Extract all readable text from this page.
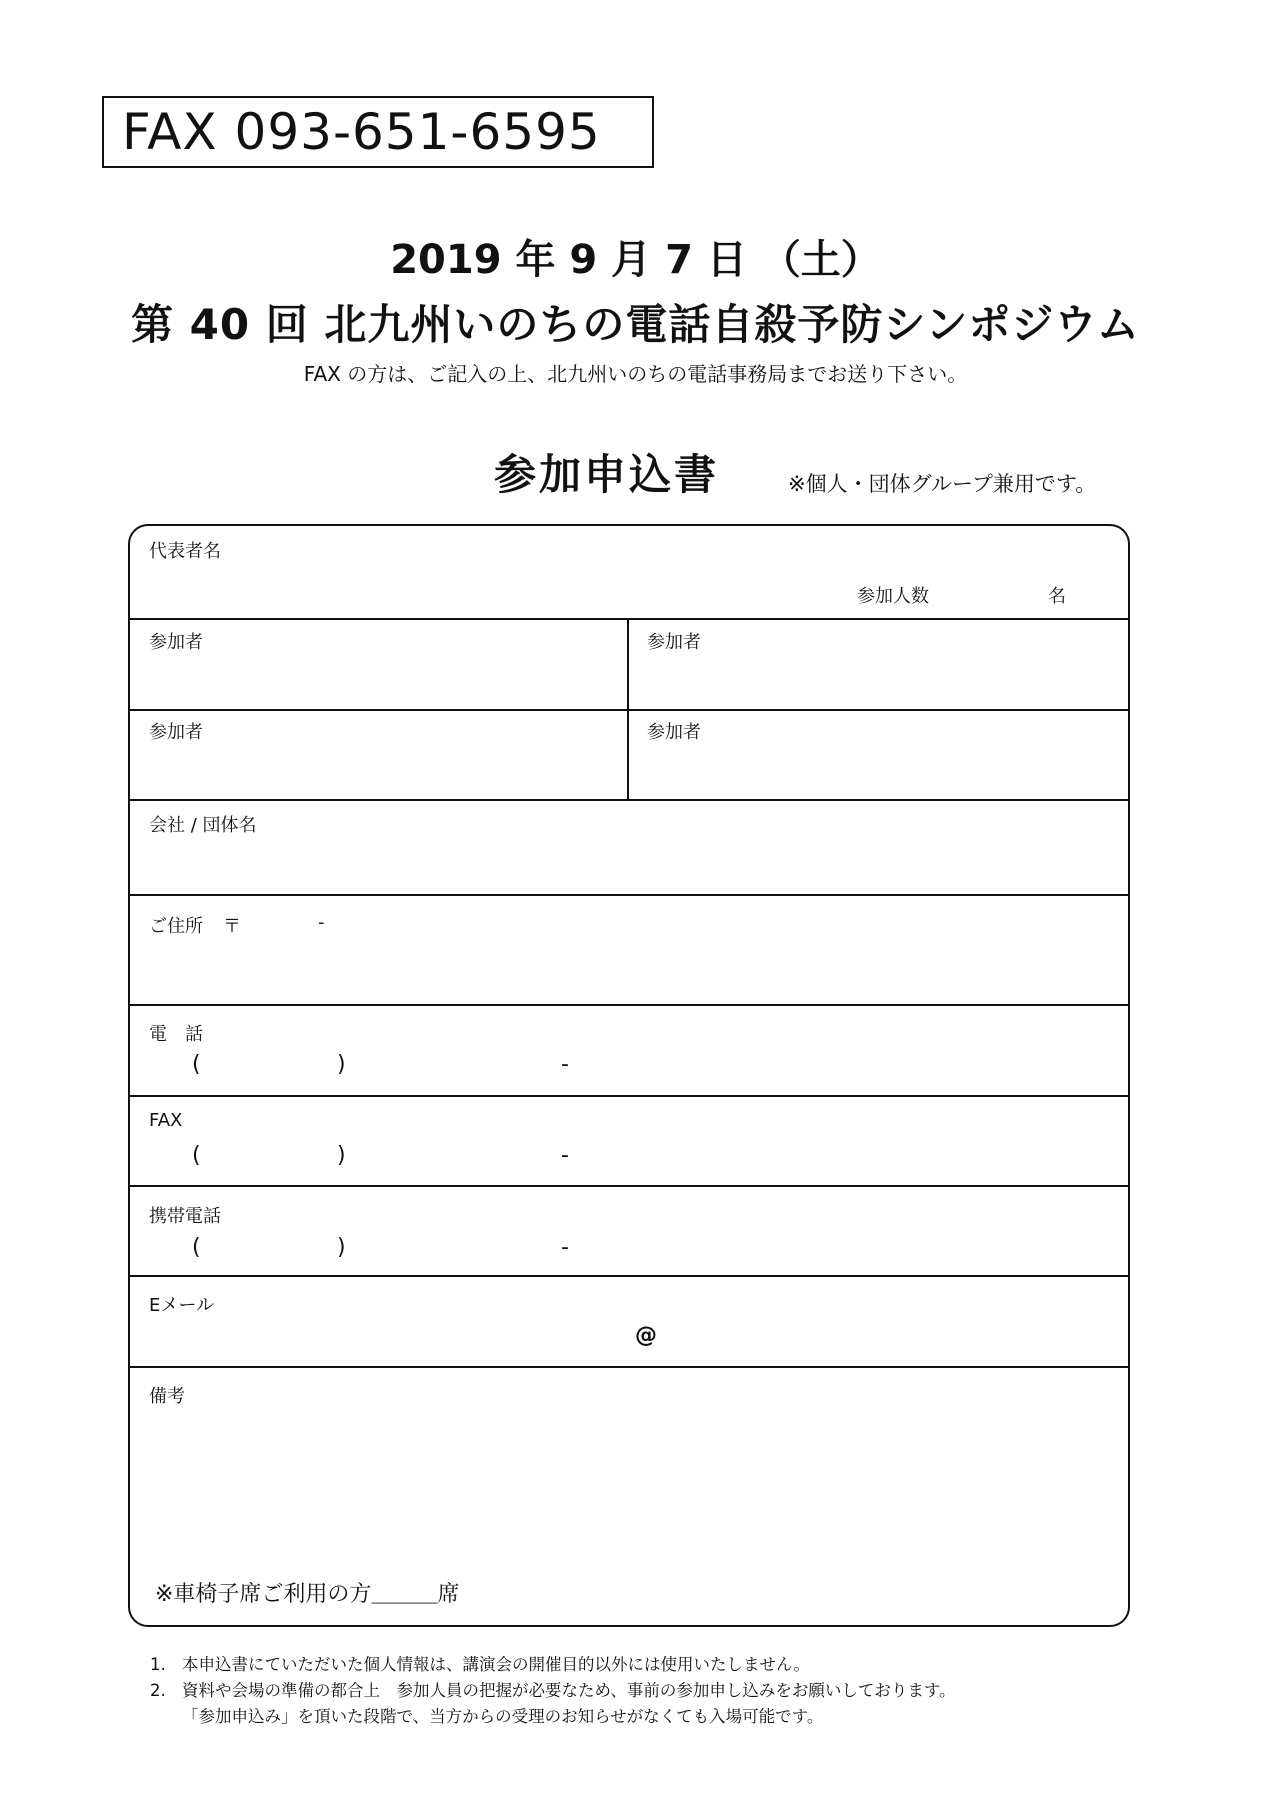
FAX 093-651-6595
2019 年 9 月 7 日 （土）
第 40 回 北九州いのちの電話自殺予防シンポジウム
FAX の方は、ご記入の上、北九州いのちの電話事務局までお送り下さい。
参加申込書	※個人・団体グループ兼用です。
代表者名
参加人数	名
参加者	参加者
参加者	参加者
会社 / 団体名
ご住所 〒	-
電　話
(	)	-
FAX
(	)	-
携帯電話
(	)	-
Eメール
@
備考
※車椅子席ご利用の方＿＿＿席
1. 本申込書にていただいた個人情報は、講演会の開催目的以外には使用いたしません。
2. 資料や会場の準備の都合上　参加人員の把握が必要なため、事前の参加申し込みをお願いしております。
「参加申込み」を頂いた段階で、当方からの受理のお知らせがなくても入場可能です。
